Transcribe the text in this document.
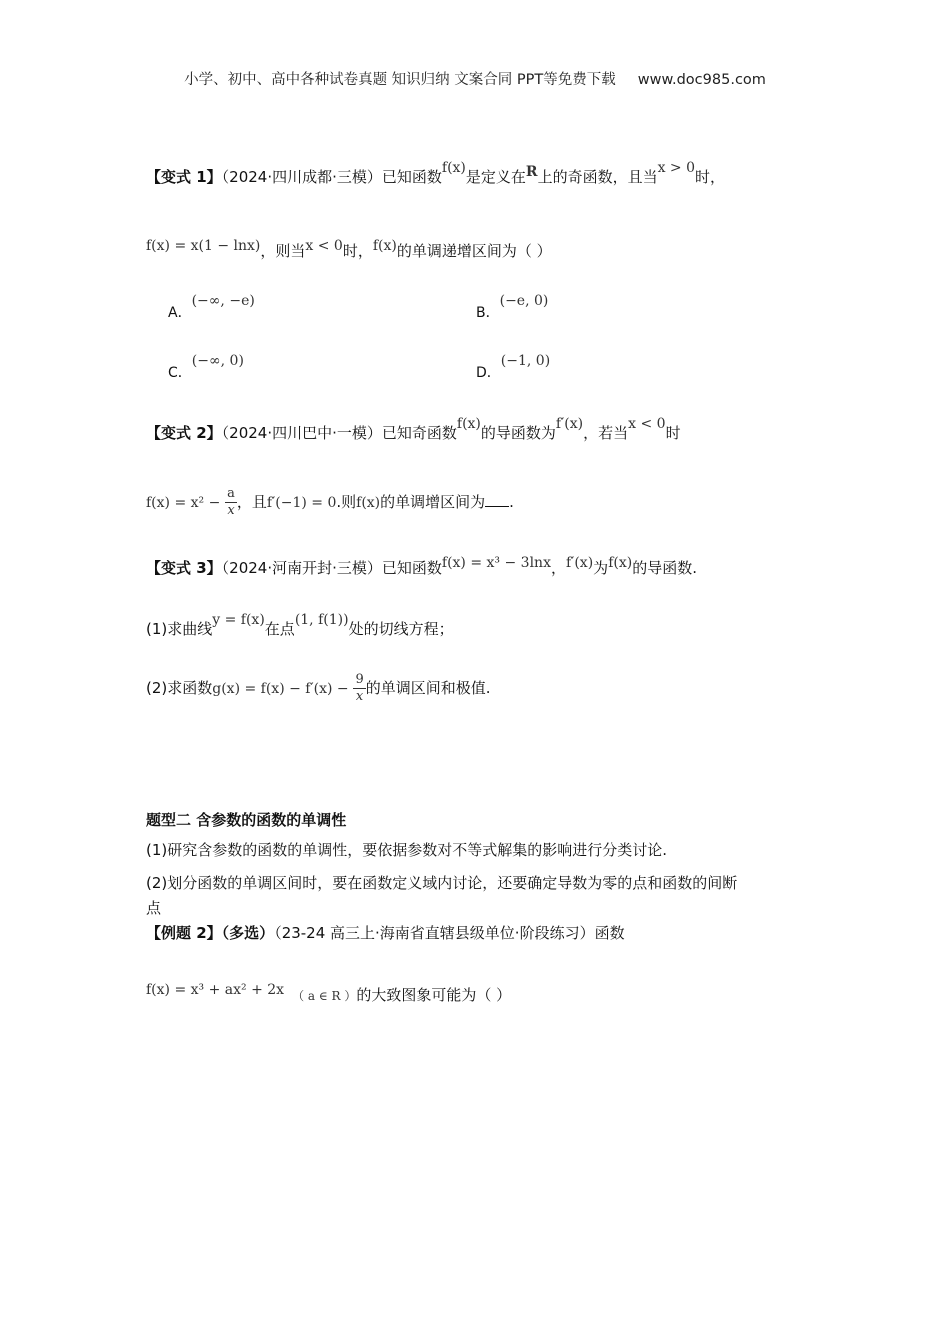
小学、初中、高中各种试卷真题 知识归纳 文案合同 PPT等免费下载 www.doc985.com
【变式 1】（2024·四川成都·三模）已知函数f(x)是定义在R上的奇函数，且当x > 0时，
f(x) = x(1 − lnx)，则当x < 0时，f(x)的单调递增区间为（ ）
A．(−∞, −e)
B．(−e, 0)
C．(−∞, 0)
D．(−1, 0)
【变式 2】（2024·四川巴中·一模）已知奇函数f(x)的导函数为f′(x)，若当x < 0时
$f(x) = x^2 - \frac{a}{x}$ ，且f′(−1) = 0.则f(x)的单调增区间为 .
【变式 3】（2024·河南开封·三模）已知函数f(x) = x³ − 3lnx，f′(x)为f(x)的导函数.
(1)求曲线y = f(x)在点(1, f(1))处的切线方程；
(2)求函数$g(x) = f(x) - f'(x) - \frac{9}{x}$ 的单调区间和极值.
题型二 含参数的函数的单调性
(1)研究含参数的函数的单调性，要依据参数对不等式解集的影响进行分类讨论.
(2)划分函数的单调区间时，要在函数定义域内讨论，还要确定导数为零的点和函数的间断
点
【例题 2】（多选）（23-24 高三上·海南省直辖县级单位·阶段练习）函数
f(x) = x³ + ax² + 2x （ a ∈ R ）的大致图象可能为（ ）
